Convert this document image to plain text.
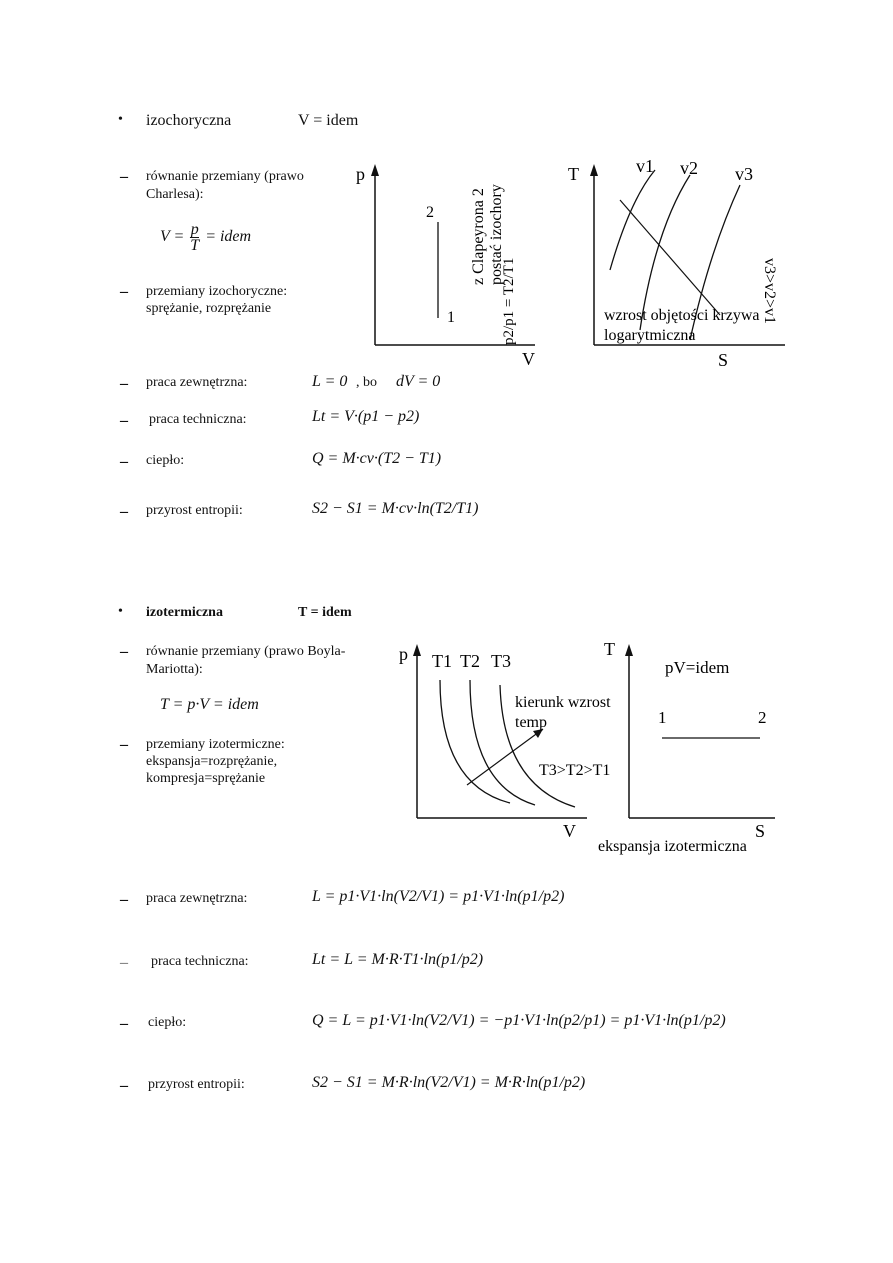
• izochoryczna	V = idem
– równanie przemiany (prawo
Charlesa):
$V = \frac{p}{T}$ = idem
– przemiany izochoryczne:
sprężanie, rozprężanie
p
V
2
1	p2/p1 = T2/T1
z Clapeyrona 2 postać izochory
T
S
v1 v2 v3
v3>v2>v1
wzrost objętości krzywa
logarytmiczna
– praca zewnętrzna:	L = 0 , bo dV = 0
– praca techniczna:	Lt = V·(p1 − p2)
– ciepło:	Q = M·cv·(T2 − T1)
– przyrost entropii:	S2 − S1 = M·cv·ln(T2/T1)
• izotermiczna	T = idem
– równanie przemiany (prawo Boyla-
Mariotta):
T = p·V = idem
– przemiany izotermiczne:
ekspansja=rozprężanie,
kompresja=sprężanie
p
V
T1 T2 T3
kierunk wzrost
temp
T3>T2>T1
T
S
pV=idem
1	2
ekspansja izotermiczna
– praca zewnętrzna:	L = p1·V1·ln(V2/V1) = p1·V1·ln(p1/p2)
– praca techniczna:	Lt = L = M·R·T1·ln(p1/p2)
– ciepło:	Q = L = p1·V1·ln(V2/V1) = −p1·V1·ln(p2/p1) = p1·V1·ln(p1/p2)
– przyrost entropii:	S2 − S1 = M·R·ln(V2/V1) = M·R·ln(p1/p2)
